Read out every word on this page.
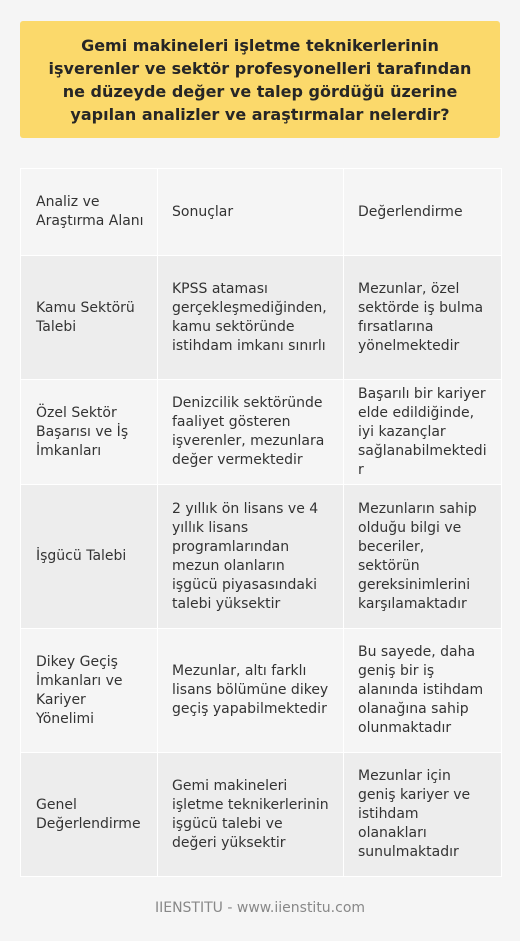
Gemi makineleri işletme teknikerlerinin işverenler ve sektör profesyonelleri tarafından ne düzeyde değer ve talep gördüğü üzerine yapılan analizler ve araştırmalar nelerdir?
Analiz ve Araştırma Alanı	Sonuçlar	Değerlendirme
Kamu Sektörü Talebi	KPSS ataması gerçekleşmediğinden, kamu sektöründe istihdam imkanı sınırlı	Mezunlar, özel sektörde iş bulma fırsatlarına yönelmektedir
Özel Sektör Başarısı ve İş İmkanları	Denizcilik sektöründe faaliyet gösteren işverenler, mezunlara değer vermektedir	Başarılı bir kariyer elde edildiğinde, iyi kazançlar sağlanabilmektedir
İşgücü Talebi	2 yıllık ön lisans ve 4 yıllık lisans programlarından mezun olanların işgücü piyasasındaki talebi yüksektir	Mezunların sahip olduğu bilgi ve beceriler, sektörün gereksinimlerini karşılamaktadır
Dikey Geçiş İmkanları ve Kariyer Yönelimi	Mezunlar, altı farklı lisans bölümüne dikey geçiş yapabilmektedir	Bu sayede, daha geniş bir iş alanında istihdam olanağına sahip olunmaktadır
Genel Değerlendirme	Gemi makineleri işletme teknikerlerinin işgücü talebi ve değeri yüksektir	Mezunlar için geniş kariyer ve istihdam olanakları sunulmaktadır
IIENSTITU - www.iienstitu.com
